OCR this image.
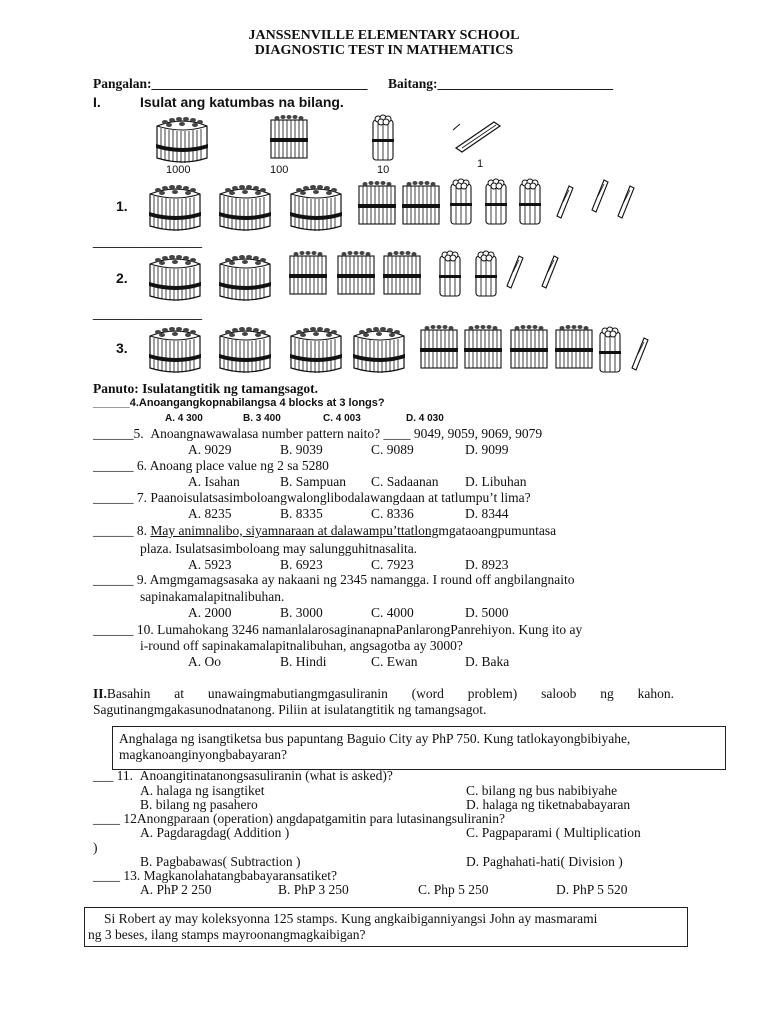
JANSSENVILLE ELEMENTARY SCHOOL
DIAGNOSTIC TEST IN MATHEMATICS
Pangalan:________________________________ Baitang:__________________________
I.	Isulat ang katumbas na bilang.
1000	100	10	1
1.
______________
2.
______________
3.
Panuto: Isulatangtitik ng tamangsagot.
______4.Anoangangkopnabilangsa 4 blocks at 3 longs?
A. 4 300	B. 3 400	C. 4 003	D. 4 030
______5. Anoangnawawalasa number pattern naito? ____ 9049, 9059, 9069, 9079
A. 9029	B. 9039	C. 9089	D. 9099
______ 6. Anoang place value ng 2 sa 5280
A. Isahan	B. Sampuan C. Sadaanan D. Libuhan
______ 7. Paanoisulatsasimboloangwalonglibodalawangdaan at tatlumpu’t lima?
A. 8235	B. 8335	C. 8336	D. 8344
______ 8. May animnalibo, siyamnaraan at dalawampu’ttatlongmgataoangpumuntasa
plaza. Isulatsasimboloang may salungguhitnasalita.
A. 5923	B. 6923	C. 7923	D. 8923
______ 9. Amgmgamagsasaka ay nakaani ng 2345 namangga. I round off angbilangnaito
sapinakamalapitnalibuhan.
A. 2000	B. 3000	C. 4000	D. 5000
______ 10. Lumahokang 3246 namanlalarosaginanapnaPanlarongPanrehiyon. Kung ito ay
i-round off sapinakamalapitnalibuhan, angsagotba ay 3000?
A. Oo	B. Hindi	C. Ewan	D. Baka
II.Basahin at unawaingmabutiangmgasuliranin (word problem) saloob ng kahon.
Sagutinangmgakasunodnatanong. Piliin at isulatangtitik ng tamangsagot.
Anghalaga ng isangtiketsa bus papuntang Baguio City ay PhP 750. Kung tatlokayongbibiyahe,
magkanoanginyongbabayaran?
___ 11. Anoangitinatanongsasuliranin (what is asked)?
A. halaga ng isangtiket	C. bilang ng bus nabibiyahe
B. bilang ng pasahero	D. halaga ng tiketnababayaran
____ 12Anongparaan (operation) angdapatgamitin para lutasinangsuliranin?
A. Pagdaragdag( Addition )	C. Pagpaparami ( Multiplication
)
B. Pagbabawas( Subtraction )	D. Paghahati-hati( Division )
____ 13. Magkanolahatangbabayaransatiket?
A. PhP 2 250	B. PhP 3 250	C. Php 5 250	D. PhP 5 520
Si Robert ay may koleksyonna 125 stamps. Kung angkaibiganniyangsi John ay masmarami
ng 3 beses, ilang stamps mayroonangmagkaibigan?
